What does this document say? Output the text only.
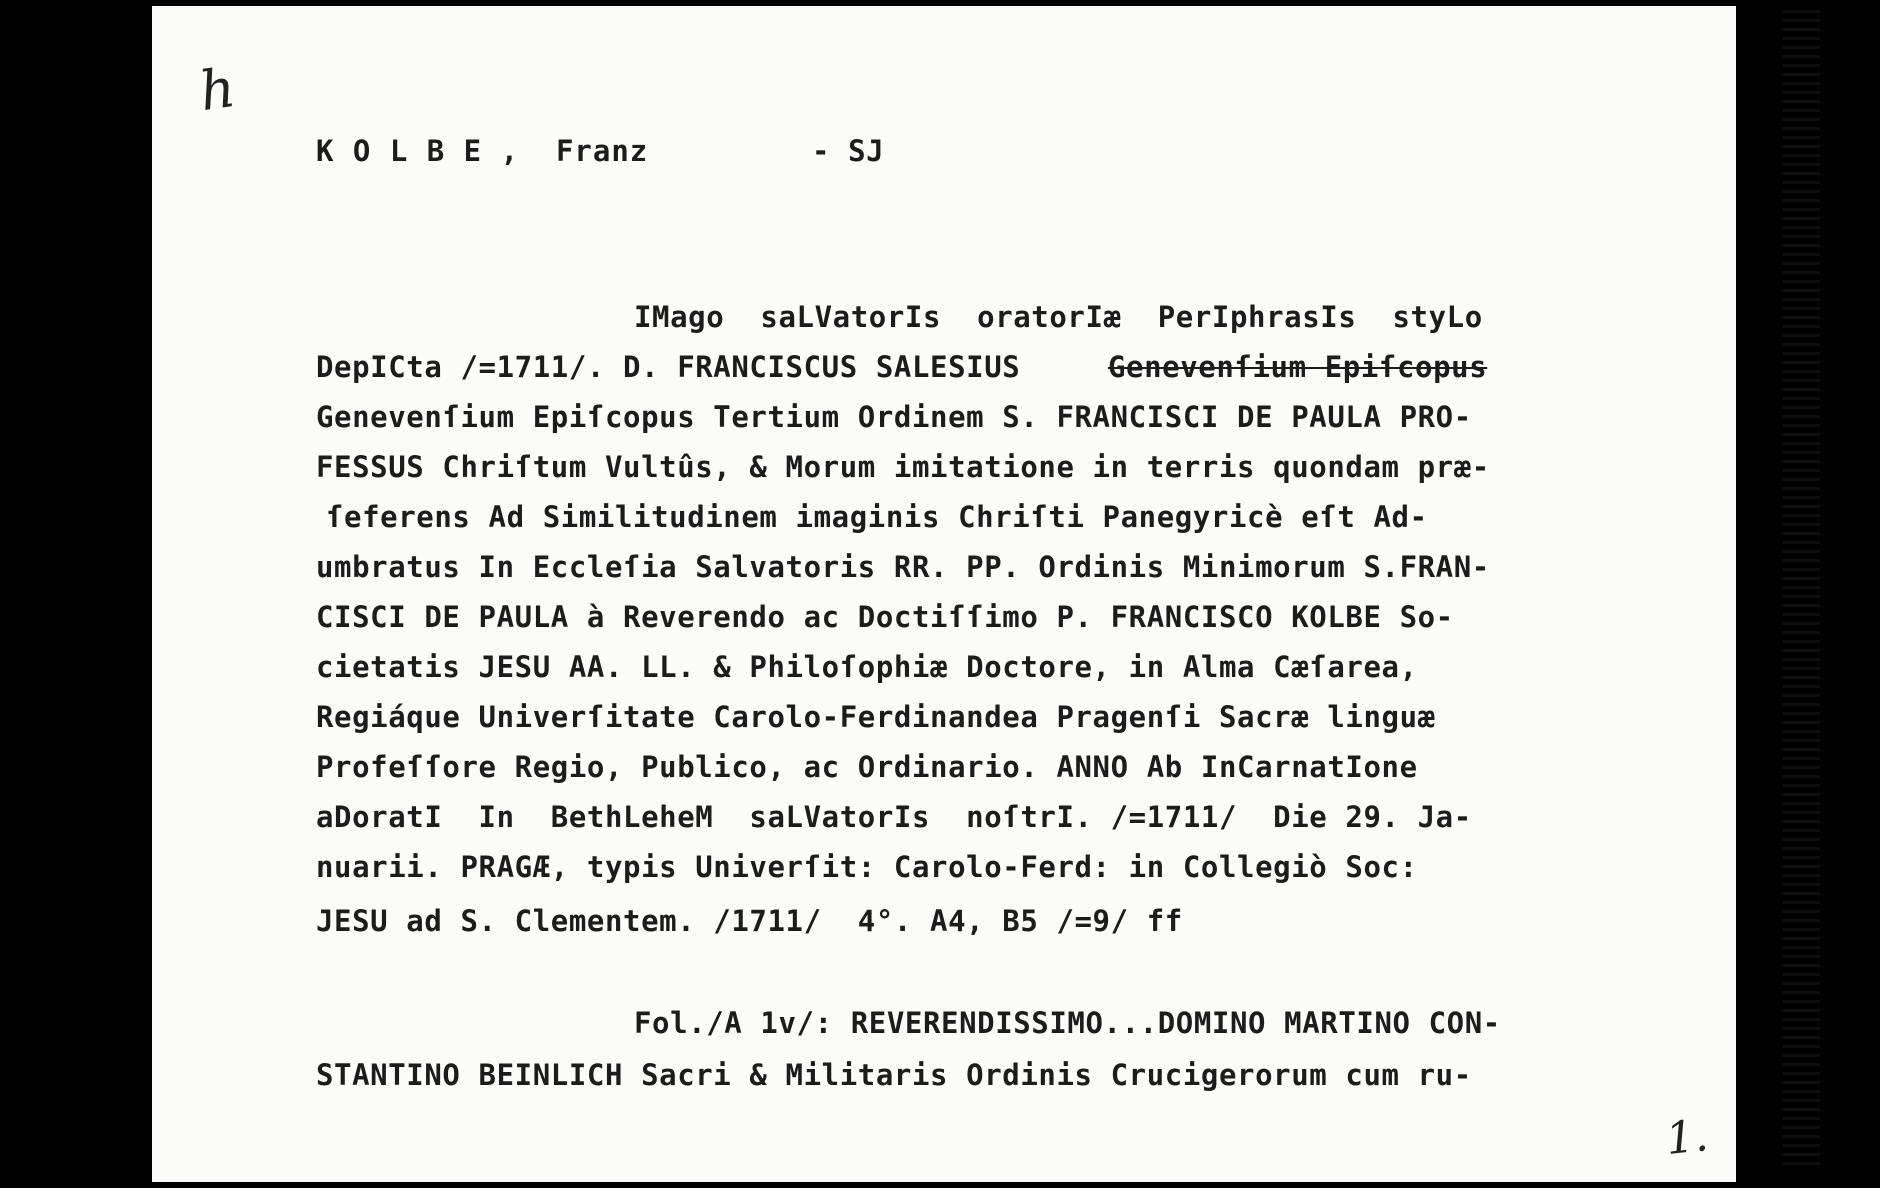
h
K O L B E ,  Franz	- SJ
IMago  saLVatorIs  oratorIæ  PerIphrasIs  styLo
DepICta /=1711/. D. FRANCISCUS SALESIUS	Genevenſium Epiſcopus
Genevenſium Epiſcopus Tertium Ordinem S. FRANCISCI DE PAULA PRO-
FESSUS Chriſtum Vultûs, & Morum imitatione in terris quondam præ-
ſeferens Ad Similitudinem imaginis Chriſti Panegyricè eſt Ad-
umbratus In Eccleſia Salvatoris RR. PP. Ordinis Minimorum S.FRAN-
CISCI DE PAULA à Reverendo ac Doctiſſimo P. FRANCISCO KOLBE So-
cietatis JESU AA. LL. & Philoſophiæ Doctore, in Alma Cæſarea,
Regiáque Univerſitate Carolo-Ferdinandea Pragenſi Sacræ linguæ
Profeſſore Regio, Publico, ac Ordinario. ANNO Ab InCarnatIone
aDoratI  In  BethLeheM  saLVatorIs  noſtrI. /=1711/  Die 29. Ja-
nuarii. PRAGÆ, typis Univerſit: Carolo-Ferd: in Collegiò Soc:
JESU ad S. Clementem. /1711/  4°. A4, B5 /=9/ ff
Fol./A 1v/: REVERENDISSIMO...DOMINO MARTINO CON-
STANTINO BEINLICH Sacri & Militaris Ordinis Crucigerorum cum ru-
1.
